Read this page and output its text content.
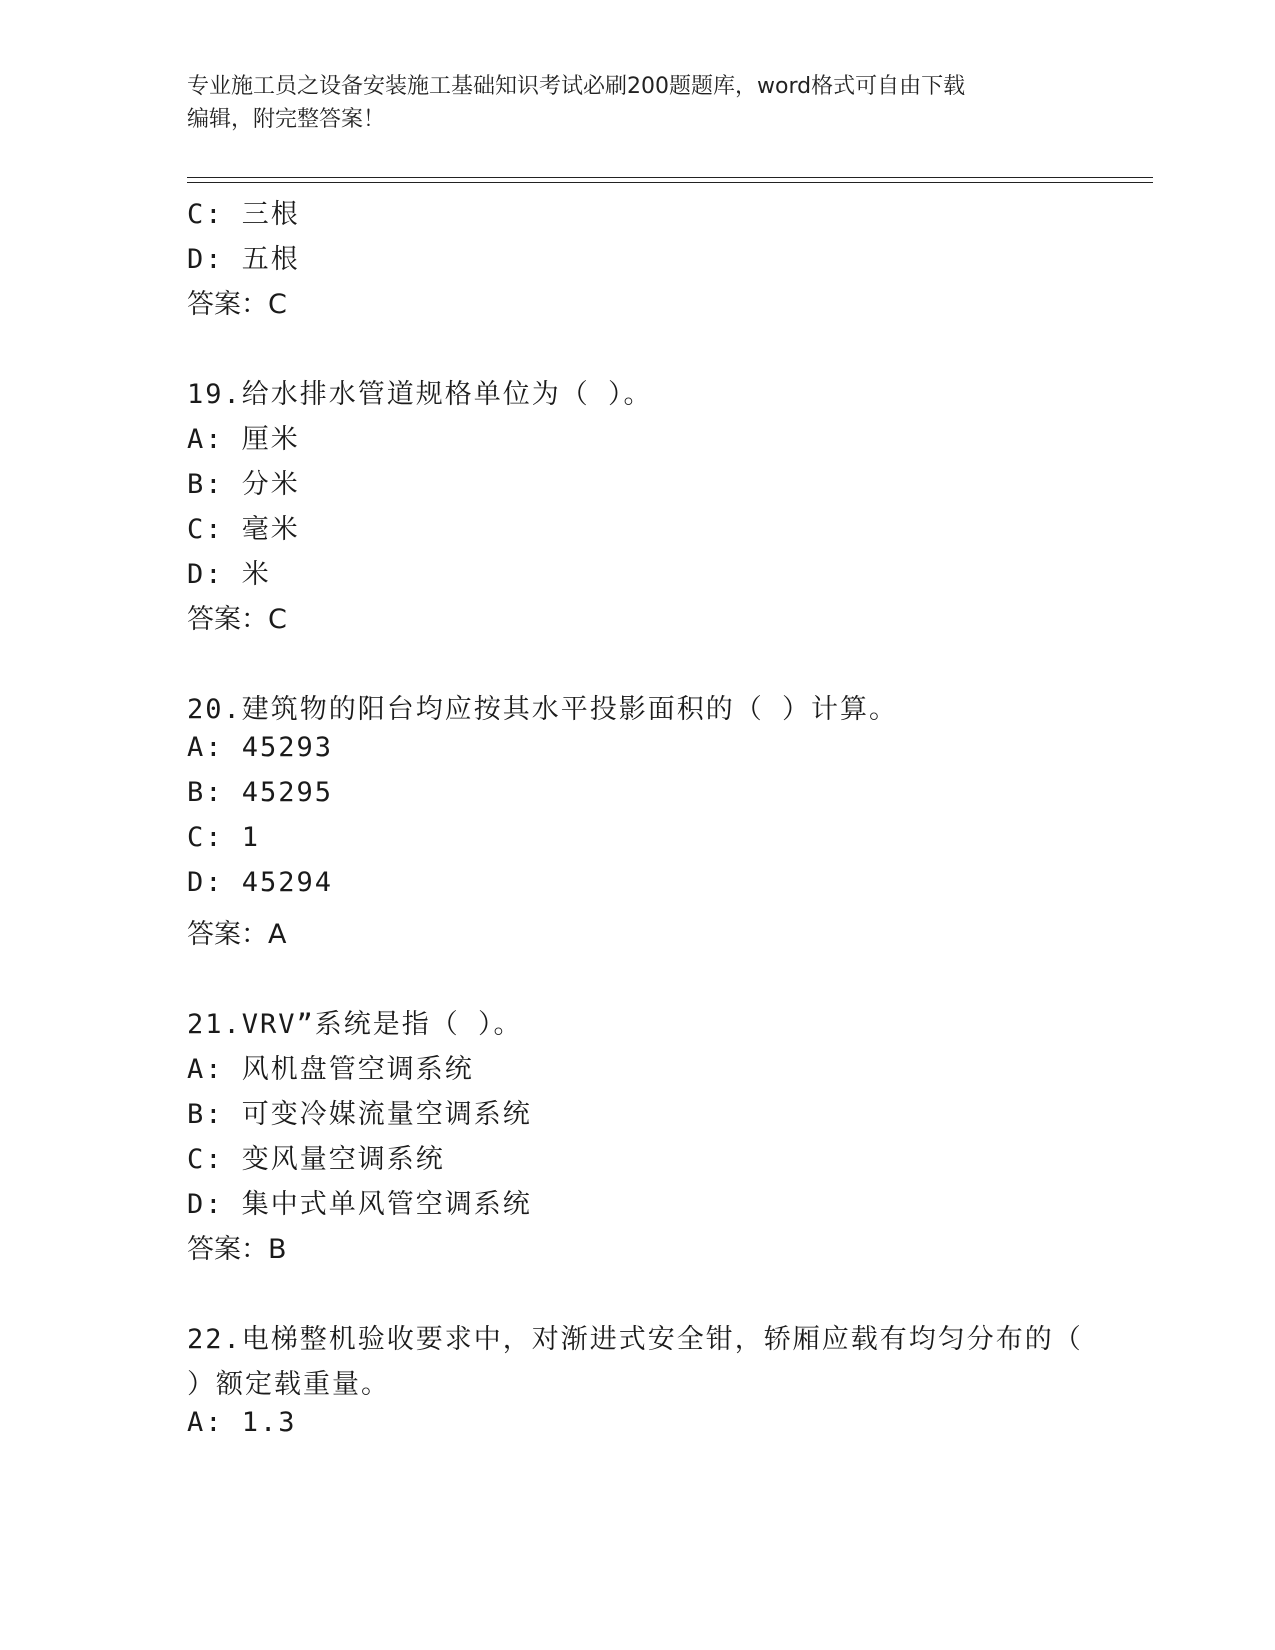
专业施工员之设备安装施工基础知识考试必刷200题题库，word格式可自由下载
编辑，附完整答案！
C: 三根
D: 五根
答案：C
19.给水排水管道规格单位为（ ）。
A: 厘米
B: 分米
C: 毫米
D: 米
答案：C
20.建筑物的阳台均应按其水平投影面积的（ ）计算。
A: 45293
B: 45295
C: 1
D: 45294
答案：A
21.VRV”系统是指（ ）。
A: 风机盘管空调系统
B: 可变冷媒流量空调系统
C: 变风量空调系统
D: 集中式单风管空调系统
答案：B
22.电梯整机验收要求中，对渐进式安全钳，轿厢应载有均匀分布的（
）额定载重量。
A: 1.3
